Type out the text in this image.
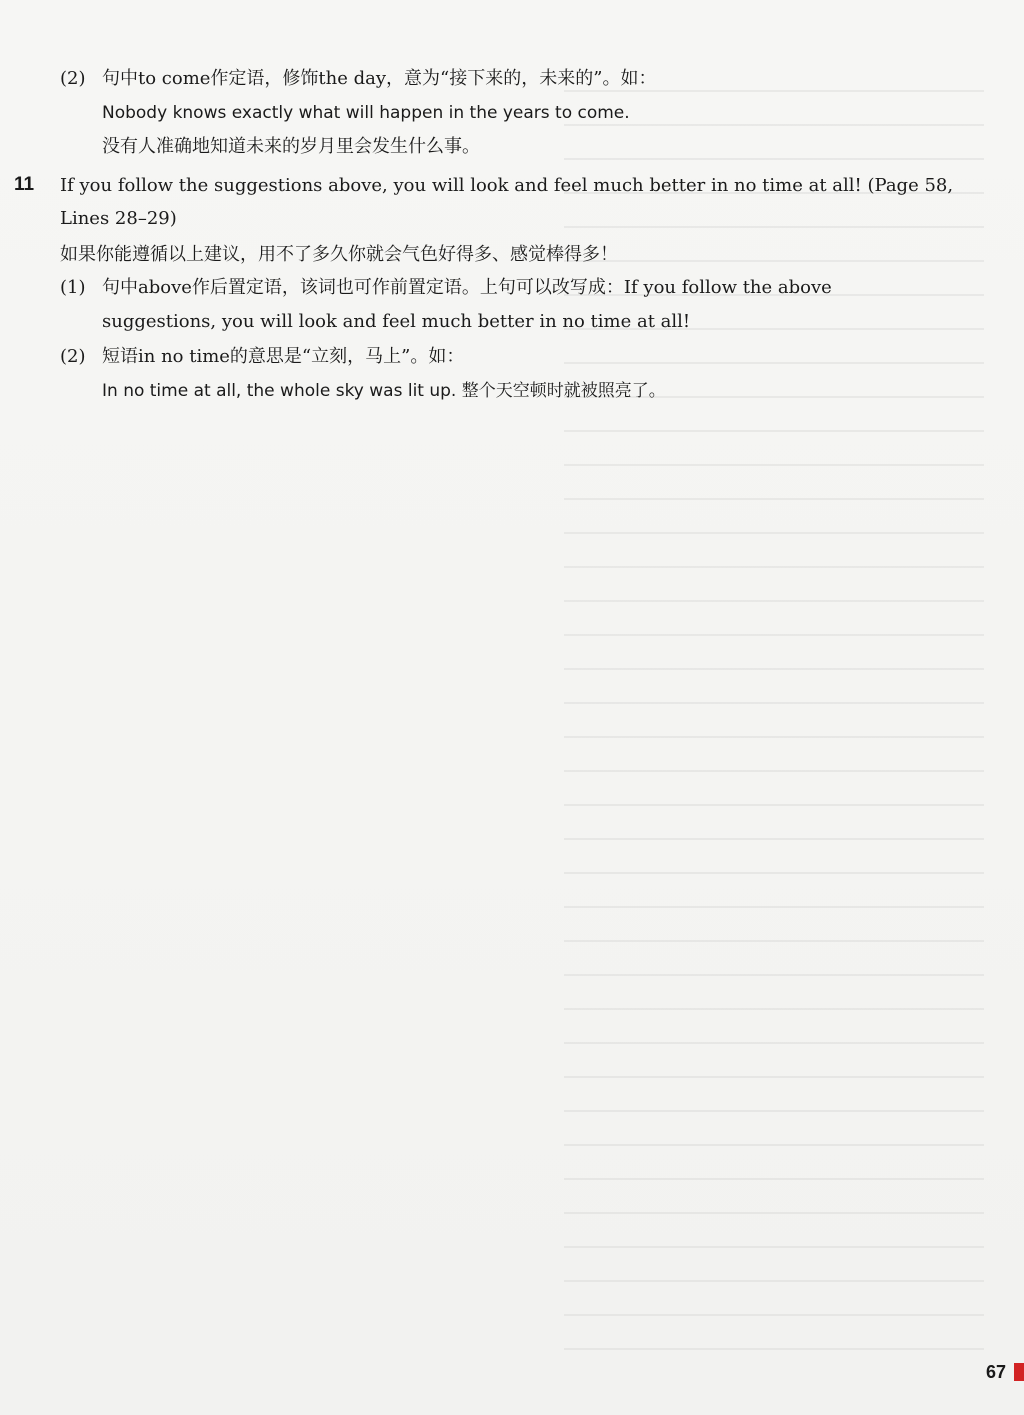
(2) 句中to come作定语，修饰the day，意为“接下来的，未来的”。如：
Nobody knows exactly what will happen in the years to come.
没有人准确地知道未来的岁月里会发生什么事。
11 If you follow the suggestions above, you will look and feel much better in no time at all! (Page 58,
Lines 28–29)
如果你能遵循以上建议，用不了多久你就会气色好得多、感觉棒得多！
(1) 句中above作后置定语，该词也可作前置定语。上句可以改写成：If you follow the above
suggestions, you will look and feel much better in no time at all!
(2) 短语in no time的意思是“立刻，马上”。如：
In no time at all, the whole sky was lit up. 整个天空顿时就被照亮了。
67
